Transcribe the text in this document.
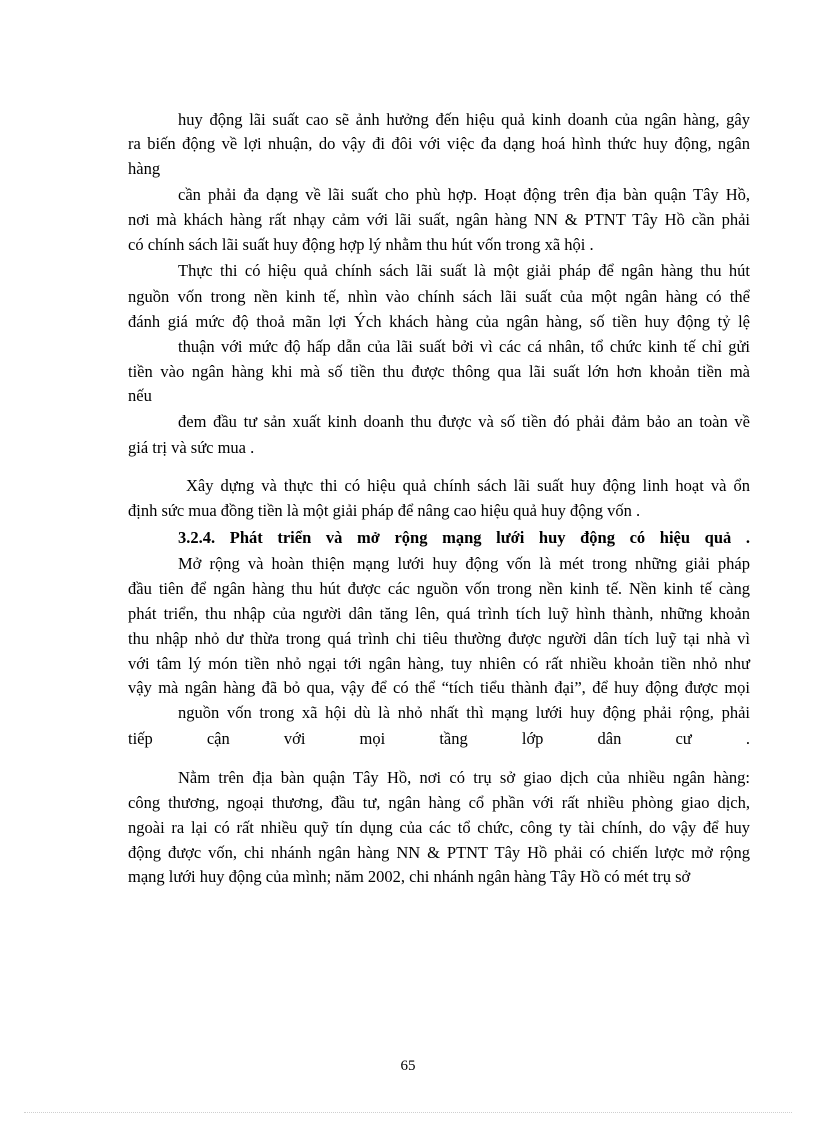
huy động lãi suất cao sẽ ảnh hưởng đến hiệu quả kinh doanh của ngân hàng, gây
ra biến động về lợi nhuận, do vậy đi đôi với việc đa dạng hoá hình thức huy động, ngân
hàng
cần phải đa dạng về lãi suất cho phù hợp. Hoạt động trên địa bàn quận Tây Hồ,
nơi mà khách hàng rất nhạy cảm với lãi suất, ngân hàng NN & PTNT Tây Hồ cần phải
có chính sách lãi suất huy động hợp lý nhằm thu hút vốn trong xã hội .
Thực thi có hiệu quả chính sách lãi suất là một giải pháp để ngân hàng thu hút
nguồn vốn trong nền kinh tế, nhìn vào chính sách lãi suất của một ngân hàng có thể
đánh giá mức độ thoả mãn lợi Ých khách hàng của ngân hàng, số tiền huy động tỷ lệ
thuận với mức độ hấp dẫn của lãi suất bởi vì các cá nhân, tổ chức kinh tế chỉ gửi
tiền vào ngân hàng khi mà số tiền thu được thông qua lãi suất lớn hơn khoản tiền mà
nếu
đem đầu tư sản xuất kinh doanh thu được và số tiền đó phải đảm bảo an toàn về
giá trị và sức mua .
Xây dựng và thực thi có hiệu quả chính sách lãi suất huy động linh hoạt và ổn
định sức mua đồng tiền là một giải pháp để nâng cao hiệu quả huy động vốn .
3.2.4. Phát triển và mở rộng mạng lưới huy động có hiệu quả .
Mở rộng và hoàn thiện mạng lưới huy động vốn là mét trong những giải pháp
đầu tiên để ngân hàng thu hút được các nguồn vốn trong nền kinh tế. Nền kinh tế càng
phát triển, thu nhập của người dân tăng lên, quá trình tích luỹ hình thành, những khoản
thu nhập nhỏ dư thừa trong quá trình chi tiêu thường được người dân tích luỹ tại nhà vì
với tâm lý món tiền nhỏ ngại tới ngân hàng, tuy nhiên có rất nhiều khoản tiền nhỏ như
vậy mà ngân hàng đã bỏ qua, vậy để có thể “tích tiểu thành đại”, để huy động được mọi
nguồn vốn trong xã hội dù là nhỏ nhất thì mạng lưới huy động phải rộng, phải
tiếp cận với mọi tầng lớp dân cư .
Nằm trên địa bàn quận Tây Hồ, nơi có trụ sở giao dịch của nhiều ngân hàng:
công thương, ngoại thương, đầu tư, ngân hàng cổ phần với rất nhiều phòng giao dịch,
ngoài ra lại có rất nhiều quỹ tín dụng của các tổ chức, công ty tài chính, do vậy để huy
động được vốn, chi nhánh ngân hàng NN & PTNT Tây Hồ phải có chiến lược mở rộng
mạng lưới huy động của mình; năm 2002, chi nhánh ngân hàng Tây Hồ có mét trụ sở
65
